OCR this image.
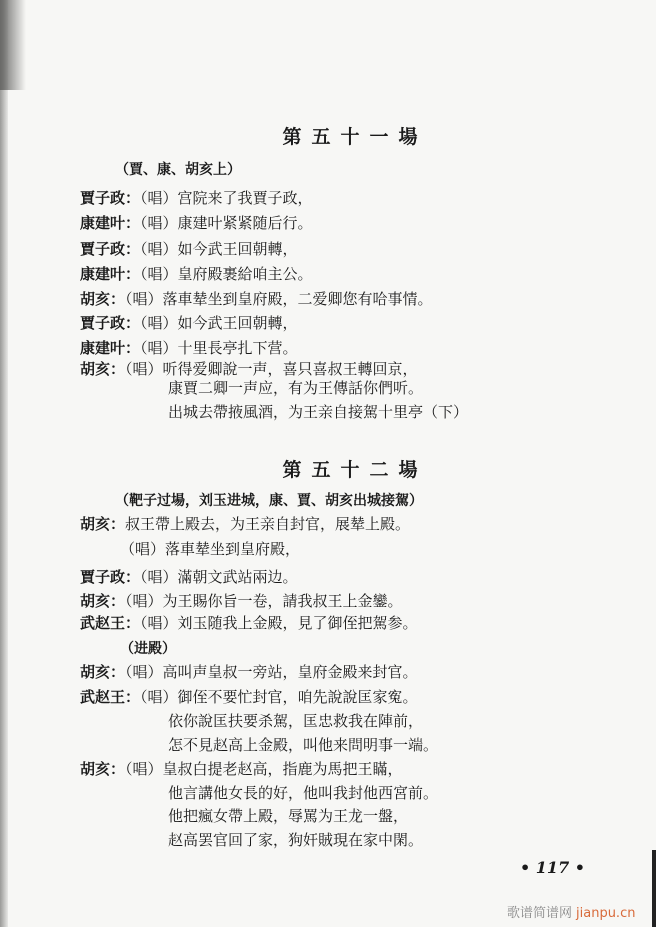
第五十一場
（賈、康、胡亥上）
賈子政：（唱）宫院来了我賈子政，
康建叶：（唱）康建叶紧紧随后行。
賈子政：（唱）如今武王回朝轉，
康建叶：（唱）皇府殿裹給咱主公。
胡亥：（唱）落車辇坐到皇府殿，二爱卿您有哈事情。
賈子政：（唱）如今武王回朝轉，
康建叶：（唱）十里長亭扎下营。
胡亥：（唱）听得爱卿說一声，喜只喜叔王轉回京，
康賈二卿一声应，有为王傳話你們听。
出城去帶掖風酒，为王亲自接駕十里亭（下）
第五十二場
（靶子过場，刘玉进城，康、賈、胡亥出城接駕）
胡亥：叔王帶上殿去，为王亲自封官，展辇上殿。
（唱）落車辇坐到皇府殿，
賈子政：（唱）滿朝文武站兩边。
胡亥：（唱）为王賜你旨一卷，請我叔王上金鑾。
武赵王：（唱）刘玉随我上金殿，見了御侄把駕参。
（进殿）
胡亥：（唱）高叫声皇叔一旁站，皇府金殿来封官。
武赵王：（唱）御侄不要忙封官，咱先說說匡家寃。
依你說匡扶要杀駕，匡忠救我在陣前，
怎不見赵高上金殿，叫他来問明事一端。
胡亥：（唱）皇叔白提老赵高，指鹿为馬把王瞞，
他言講他女長的好，他叫我封他西宮前。
他把瘋女帶上殿，辱罵为王龙一盤，
赵高罢官回了家，狗奸賊現在家中閑。
• 117 •
歌谱简谱网 jianpu.cn
